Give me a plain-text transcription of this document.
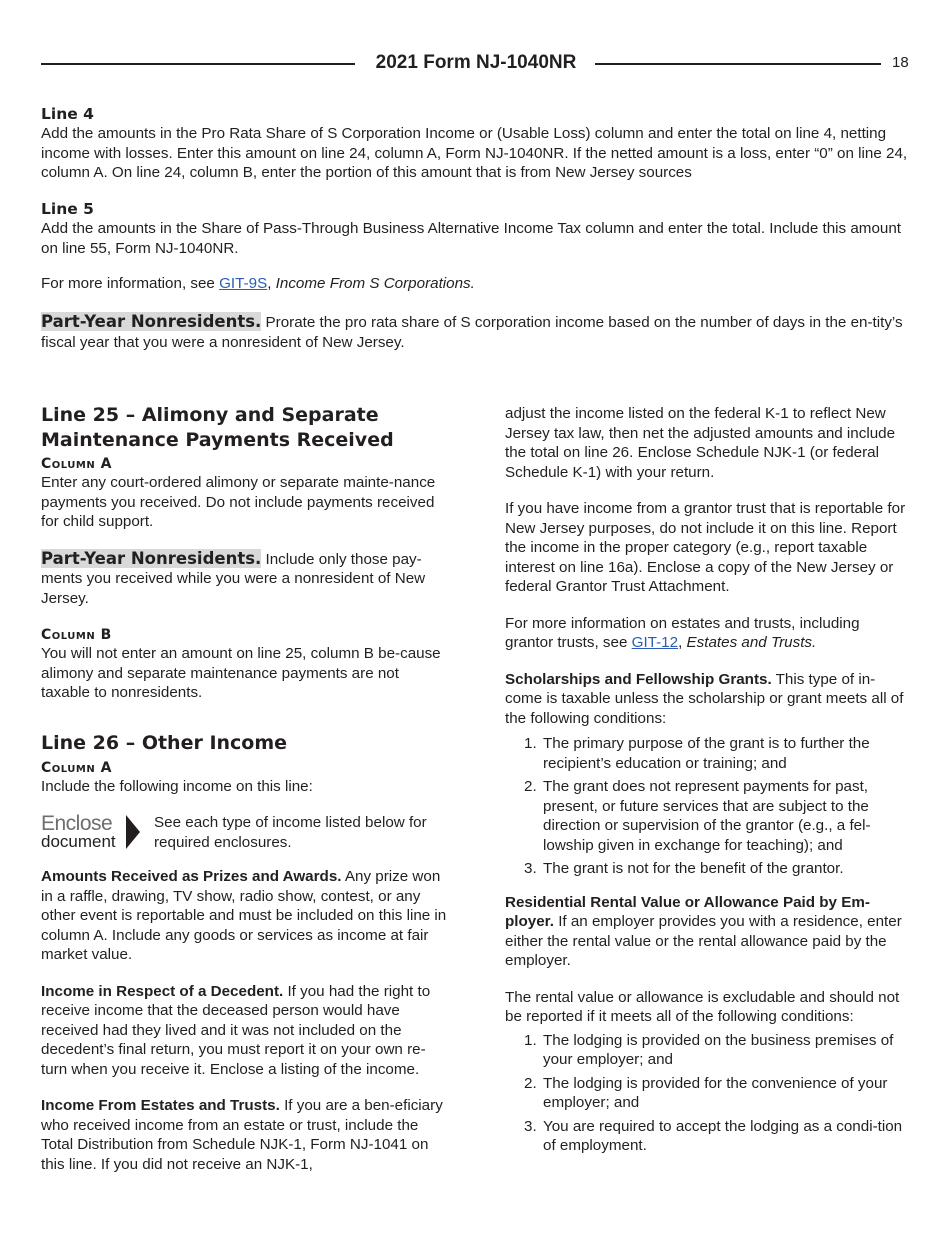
2021 Form NJ-1040NR	18

Line 4

Add the amounts in the Pro Rata Share of S Corporation Income or (Usable Loss) column and enter the total on line 4, netting income with losses. Enter this amount on line 24, column A, Form NJ-1040NR. If the netted amount is a loss, enter “0” on line 24, column A. On line 24, column B, enter the portion of this amount that is from New Jersey sources

Line 5

Add the amounts in the Share of Pass-Through Business Alternative Income Tax column and enter the total. Include this amount on line 55, Form NJ-1040NR.

For more information, see GIT-9S, Income From S Corporations.

Part-Year Nonresidents. Prorate the pro rata share of S corporation income based on the number of days in the en-tity’s fiscal year that you were a nonresident of New Jersey.

Line 25 – Alimony and Separate

Maintenance Payments Received

Column A

Enter any court-ordered alimony or separate mainte-nance payments you received. Do not include payments received for child support.

Part-Year Nonresidents. Include only those pay-ments you received while you were a nonresident of New Jersey.

Column B

You will not enter an amount on line 25, column B be-cause alimony and separate maintenance payments are not taxable to nonresidents.

Line 26 – Other Income

Column A

Include the following income on this line:

Enclose
document

See each type of income listed below for required enclosures.

Amounts Received as Prizes and Awards. Any prize won in a raffle, drawing, TV show, radio show, contest, or any other event is reportable and must be included on this line in column A. Include any goods or services as income at fair market value.

Income in Respect of a Decedent. If you had the right to receive income that the deceased person would have received had they lived and it was not included on the decedent’s final return, you must report it on your own re-turn when you receive it. Enclose a listing of the income.

Income From Estates and Trusts. If you are a ben-eficiary who received income from an estate or trust, include the Total Distribution from Schedule NJK-1, Form NJ-1041 on this line. If you did not receive an NJK-1,

adjust the income listed on the federal K-1 to reflect New Jersey tax law, then net the adjusted amounts and include the total on line 26. Enclose Schedule NJK-1 (or federal Schedule K-1) with your return.

If you have income from a grantor trust that is reportable for New Jersey purposes, do not include it on this line. Report the income in the proper category (e.g., report taxable interest on line 16a). Enclose a copy of the New Jersey or federal Grantor Trust Attachment.

For more information on estates and trusts, including grantor trusts, see GIT-12, Estates and Trusts.

Scholarships and Fellowship Grants. This type of in-come is taxable unless the scholarship or grant meets all of the following conditions:

1. The primary purpose of the grant is to further the recipient’s education or training; and
2. The grant does not represent payments for past, present, or future services that are subject to the direction or supervision of the grantor (e.g., a fel-lowship given in exchange for teaching); and
3. The grant is not for the benefit of the grantor.

Residential Rental Value or Allowance Paid by Em-ployer. If an employer provides you with a residence, enter either the rental value or the rental allowance paid by the employer.

The rental value or allowance is excludable and should not be reported if it meets all of the following conditions:

1. The lodging is provided on the business premises of your employer; and
2. The lodging is provided for the convenience of your employer; and
3. You are required to accept the lodging as a condi-tion of employment.
